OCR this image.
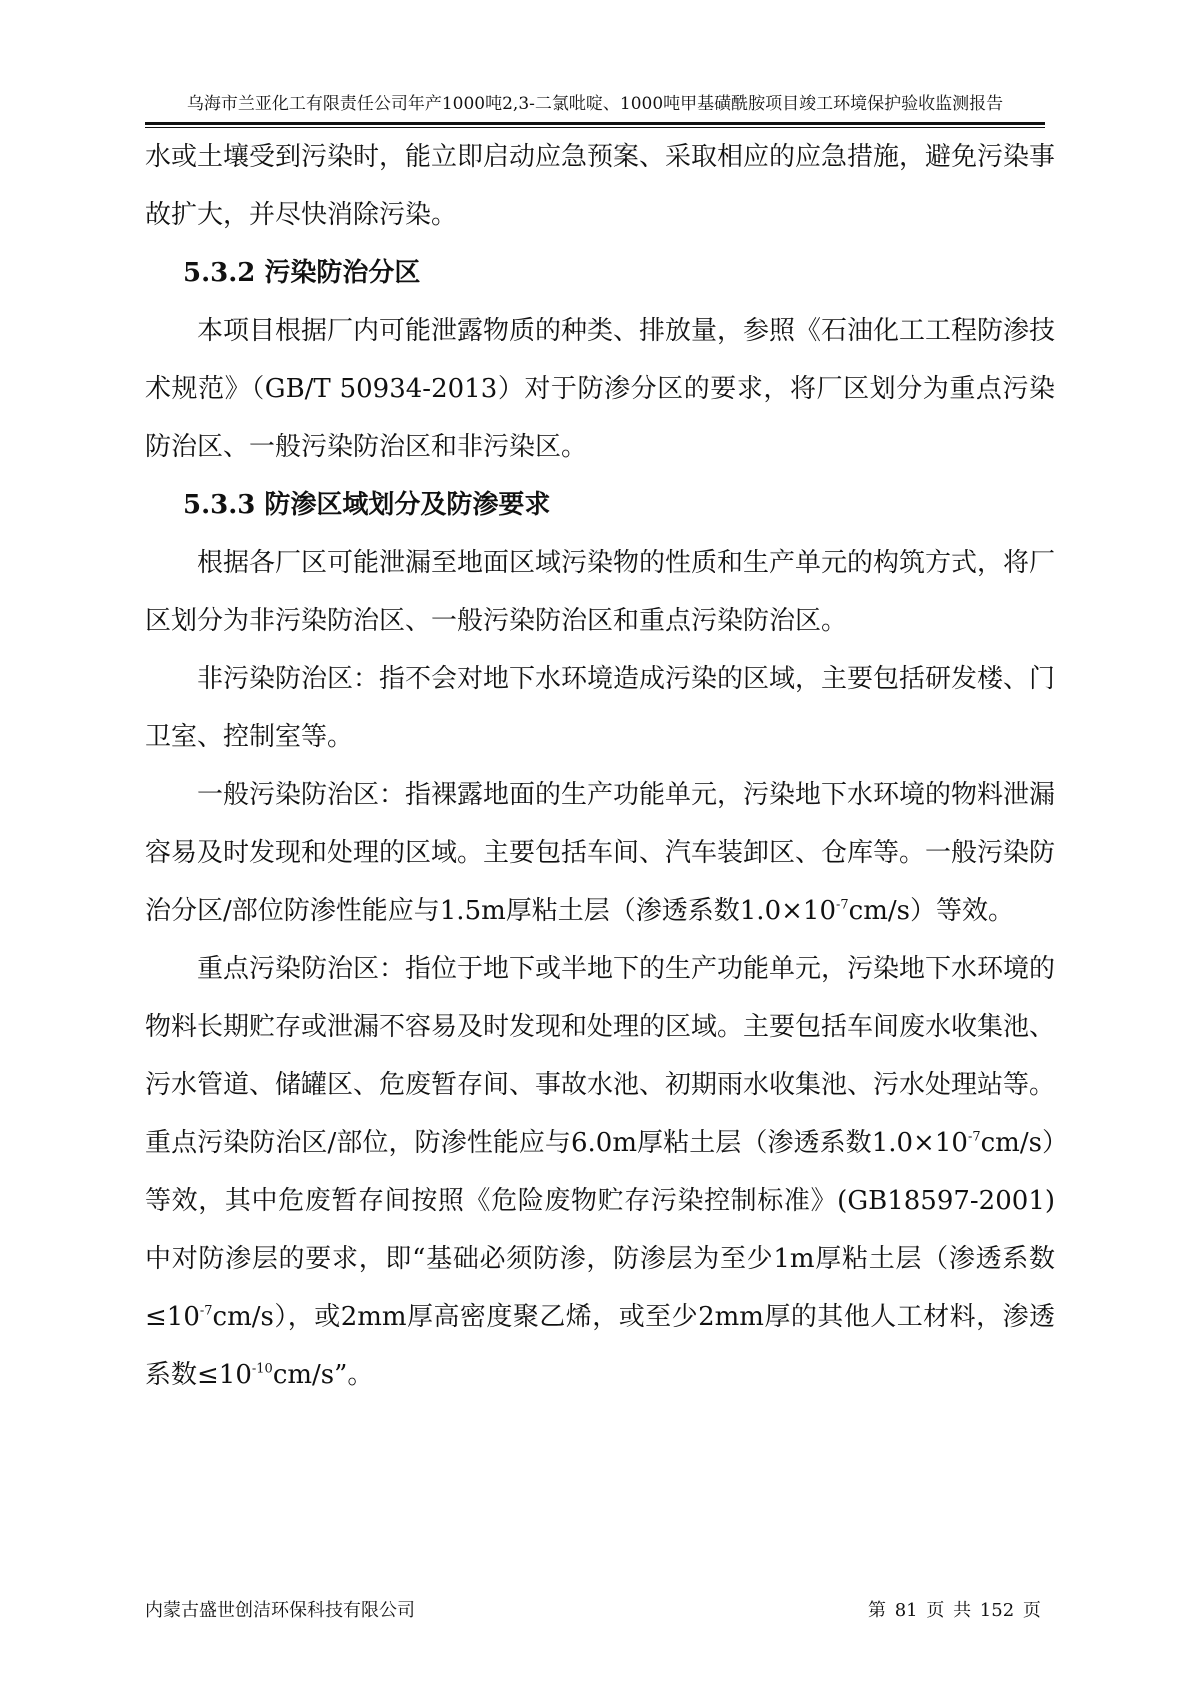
乌海市兰亚化工有限责任公司年产1000吨2,3-二氯吡啶、1000吨甲基磺酰胺项目竣工环境保护验收监测报告

水或土壤受到污染时，能立即启动应急预案、采取相应的应急措施，避免污染事故扩大，并尽快消除污染。

5.3.2 污染防治分区

本项目根据厂内可能泄露物质的种类、排放量，参照《石油化工工程防渗技术规范》（GB/T 50934-2013）对于防渗分区的要求，将厂区划分为重点污染防治区、一般污染防治区和非污染区。

5.3.3 防渗区域划分及防渗要求

根据各厂区可能泄漏至地面区域污染物的性质和生产单元的构筑方式，将厂区划分为非污染防治区、一般污染防治区和重点污染防治区。

非污染防治区：指不会对地下水环境造成污染的区域，主要包括研发楼、门卫室、控制室等。

一般污染防治区：指裸露地面的生产功能单元，污染地下水环境的物料泄漏容易及时发现和处理的区域。主要包括车间、汽车装卸区、仓库等。一般污染防治分区/部位防渗性能应与1.5m厚粘土层（渗透系数$1.0\times 10^{-7}cm/s$）等效。

重点污染防治区：指位于地下或半地下的生产功能单元，污染地下水环境的物料长期贮存或泄漏不容易及时发现和处理的区域。主要包括车间废水收集池、污水管道、储罐区、危废暂存间、事故水池、初期雨水收集池、污水处理站等。重点污染防治区/部位，防渗性能应与6.0m厚粘土层（渗透系数$1.0\times 10^{-7}cm/s$）等效，其中危废暂存间按照《危险废物贮存污染控制标准》(GB18597-2001)中对防渗层的要求，即“基础必须防渗，防渗层为至少1m厚粘土层（渗透系数$\le 10^{-7}cm/s$），或2mm厚高密度聚乙烯，或至少2mm厚的其他人工材料，渗透系数$\le 10^{-10}cm/s$”。

内蒙古盛世创洁环保科技有限公司	第 81 页 共 152 页
